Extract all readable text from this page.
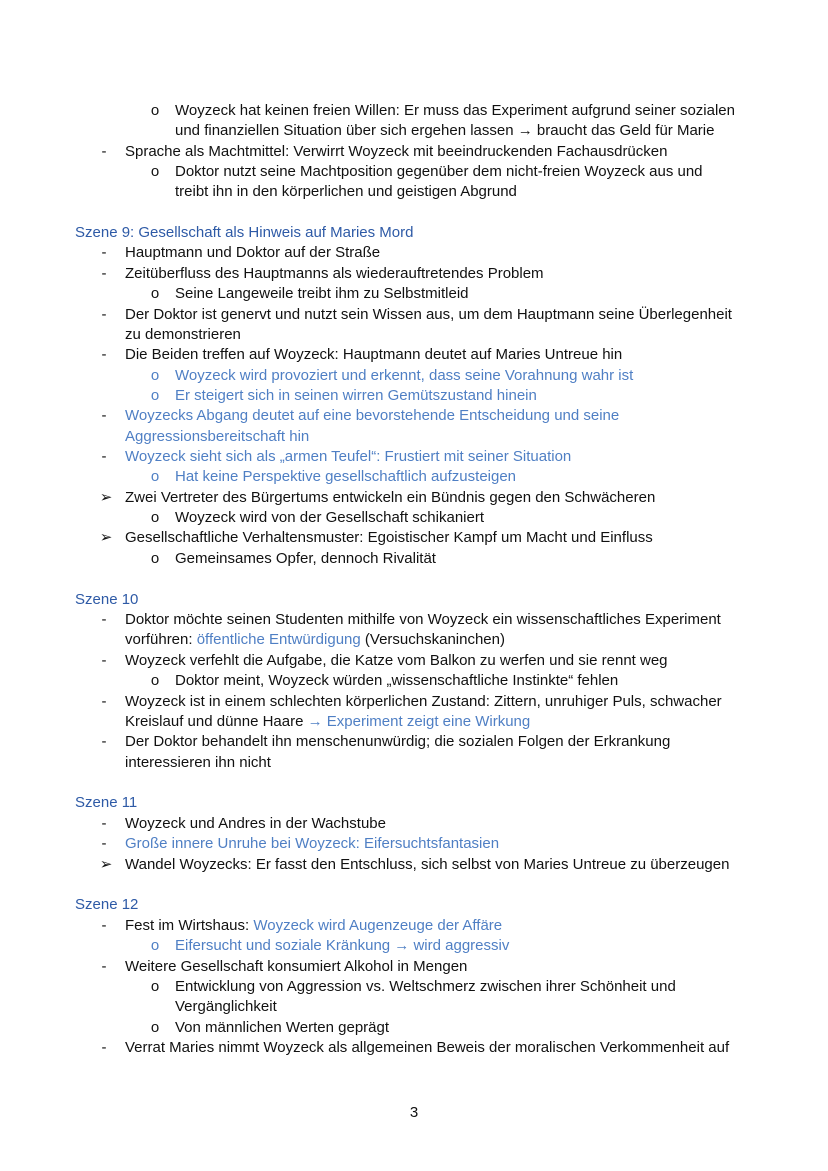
o	Woyzeck hat keinen freien Willen: Er muss das Experiment aufgrund seiner sozialen
und finanziellen Situation über sich ergehen lassen → braucht das Geld für Marie
-	Sprache als Machtmittel: Verwirrt Woyzeck mit beeindruckenden Fachausdrücken
o	Doktor nutzt seine Machtposition gegenüber dem nicht-freien Woyzeck aus und
treibt ihn in den körperlichen und geistigen Abgrund
Szene 9: Gesellschaft als Hinweis auf Maries Mord
-	Hauptmann und Doktor auf der Straße
-	Zeitüberfluss des Hauptmanns als wiederauftretendes Problem
o	Seine Langeweile treibt ihm zu Selbstmitleid
-	Der Doktor ist genervt und nutzt sein Wissen aus, um dem Hauptmann seine Überlegenheit
zu demonstrieren
-	Die Beiden treffen auf Woyzeck: Hauptmann deutet auf Maries Untreue hin
o	Woyzeck wird provoziert und erkennt, dass seine Vorahnung wahr ist
o	Er steigert sich in seinen wirren Gemütszustand hinein
-	Woyzecks Abgang deutet auf eine bevorstehende Entscheidung und seine
Aggressionsbereitschaft hin
-	Woyzeck sieht sich als „armen Teufel“: Frustiert mit seiner Situation
o	Hat keine Perspektive gesellschaftlich aufzusteigen
➢ Zwei Vertreter des Bürgertums entwickeln ein Bündnis gegen den Schwächeren
o	Woyzeck wird von der Gesellschaft schikaniert
➢ Gesellschaftliche Verhaltensmuster: Egoistischer Kampf um Macht und Einfluss
o	Gemeinsames Opfer, dennoch Rivalität
Szene 10
-	Doktor möchte seinen Studenten mithilfe von Woyzeck ein wissenschaftliches Experiment
vorführen: öffentliche Entwürdigung (Versuchskaninchen)
-	Woyzeck verfehlt die Aufgabe, die Katze vom Balkon zu werfen und sie rennt weg
o	Doktor meint, Woyzeck würden „wissenschaftliche Instinkte“ fehlen
-	Woyzeck ist in einem schlechten körperlichen Zustand: Zittern, unruhiger Puls, schwacher
Kreislauf und dünne Haare → Experiment zeigt eine Wirkung
-	Der Doktor behandelt ihn menschenunwürdig; die sozialen Folgen der Erkrankung
interessieren ihn nicht
Szene 11
-	Woyzeck und Andres in der Wachstube
-	Große innere Unruhe bei Woyzeck: Eifersuchtsfantasien
➢ Wandel Woyzecks: Er fasst den Entschluss, sich selbst von Maries Untreue zu überzeugen
Szene 12
-	Fest im Wirtshaus: Woyzeck wird Augenzeuge der Affäre
o	Eifersucht und soziale Kränkung → wird aggressiv
-	Weitere Gesellschaft konsumiert Alkohol in Mengen
o	Entwicklung von Aggression vs. Weltschmerz zwischen ihrer Schönheit und
Vergänglichkeit
o	Von männlichen Werten geprägt
-	Verrat Maries nimmt Woyzeck als allgemeinen Beweis der moralischen Verkommenheit auf
3
